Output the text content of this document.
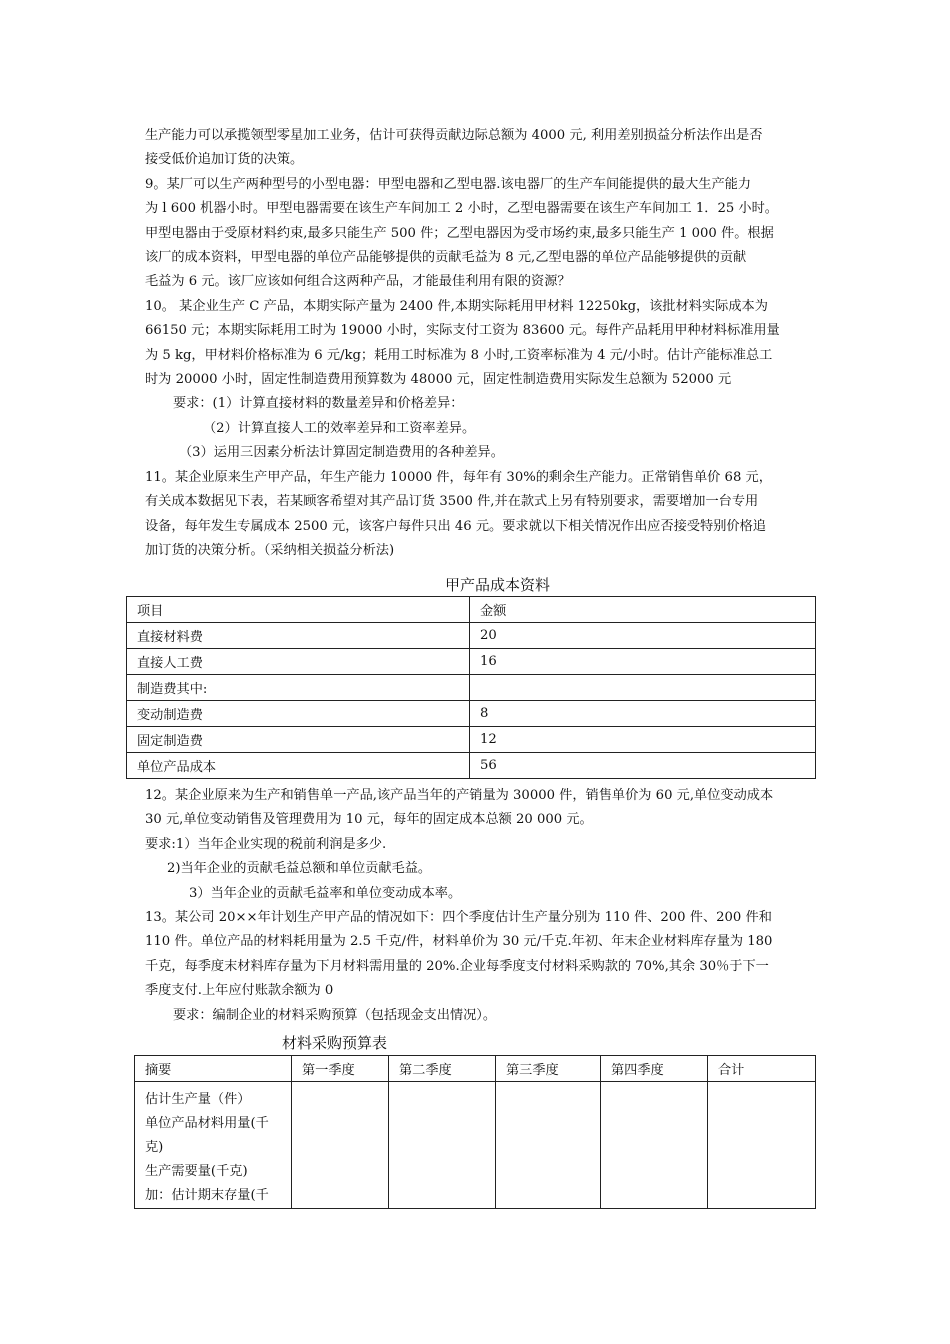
生产能力可以承揽领型零星加工业务，估计可获得贡献边际总额为 4000 元, 利用差别损益分析法作出是否

接受低价追加订货的决策。

9。某厂可以生产两种型号的小型电器：甲型电器和乙型电器.该电器厂的生产车间能提供的最大生产能力

为 l 600 机器小时。甲型电器需要在该生产车间加工 2 小时，乙型电器需要在该生产车间加工 1．25 小时。

甲型电器由于受原材料约束,最多只能生产 500 件；乙型电器因为受市场约束,最多只能生产 1 000 件。根据

该厂的成本资料，甲型电器的单位产品能够提供的贡献毛益为 8 元,乙型电器的单位产品能够提供的贡献

毛益为 6 元。该厂应该如何组合这两种产品，才能最佳利用有限的资源？

10。 某企业生产 C 产品，本期实际产量为 2400 件,本期实际耗用甲材料 12250kg，该批材料实际成本为

66150 元；本期实际耗用工时为 19000 小时，实际支付工资为 83600 元。每件产品耗用甲种材料标准用量

为 5 kg，甲材料价格标准为 6 元/kg；耗用工时标准为 8 小时,工资率标准为 4 元/小时。估计产能标准总工

时为 20000 小时，固定性制造费用预算数为 48000 元，固定性制造费用实际发生总额为 52000 元

要求：(1）计算直接材料的数量差异和价格差异：

（2）计算直接人工的效率差异和工资率差异。

（3）运用三因素分析法计算固定制造费用的各种差异。

11。某企业原来生产甲产品，年生产能力 10000 件，每年有 30%的剩余生产能力。正常销售单价 68 元，

有关成本数据见下表，若某顾客希望对其产品订货 3500 件,并在款式上另有特别要求，需要增加一台专用

设备，每年发生专属成本 2500 元，该客户每件只出 46 元。要求就以下相关情况作出应否接受特别价格追

加订货的决策分析。（采纳相关损益分析法)

甲产品成本资料
项目	金额
直接材料费	20
直接人工费	16
制造费其中:	
变动制造费	8
固定制造费	12
单位产品成本	56

12。某企业原来为生产和销售单一产品,该产品当年的产销量为 30000 件，销售单价为 60 元,单位变动成本

30 元,单位变动销售及管理费用为 10 元，每年的固定成本总额 20 000 元。

要求:1）当年企业实现的税前利润是多少.

2)当年企业的贡献毛益总额和单位贡献毛益。

3）当年企业的贡献毛益率和单位变动成本率。

13。某公司 20××年计划生产甲产品的情况如下：四个季度估计生产量分别为 110 件、200 件、200 件和

110 件。单位产品的材料耗用量为 2.5 千克/件，材料单价为 30 元/千克.年初、年末企业材料库存量为 180

千克，每季度末材料库存量为下月材料需用量的 20%.企业每季度支付材料采购款的 70%,其余 30％于下一

季度支付.上年应付账款余额为 0

要求：编制企业的材料采购预算（包括现金支出情况）。

材料采购预算表
摘要	第一季度	第二季度	第三季度	第四季度	合计

估计生产量（件）
单位产品材料用量(千
克)
生产需要量(千克)
加：估计期末存量(千					
